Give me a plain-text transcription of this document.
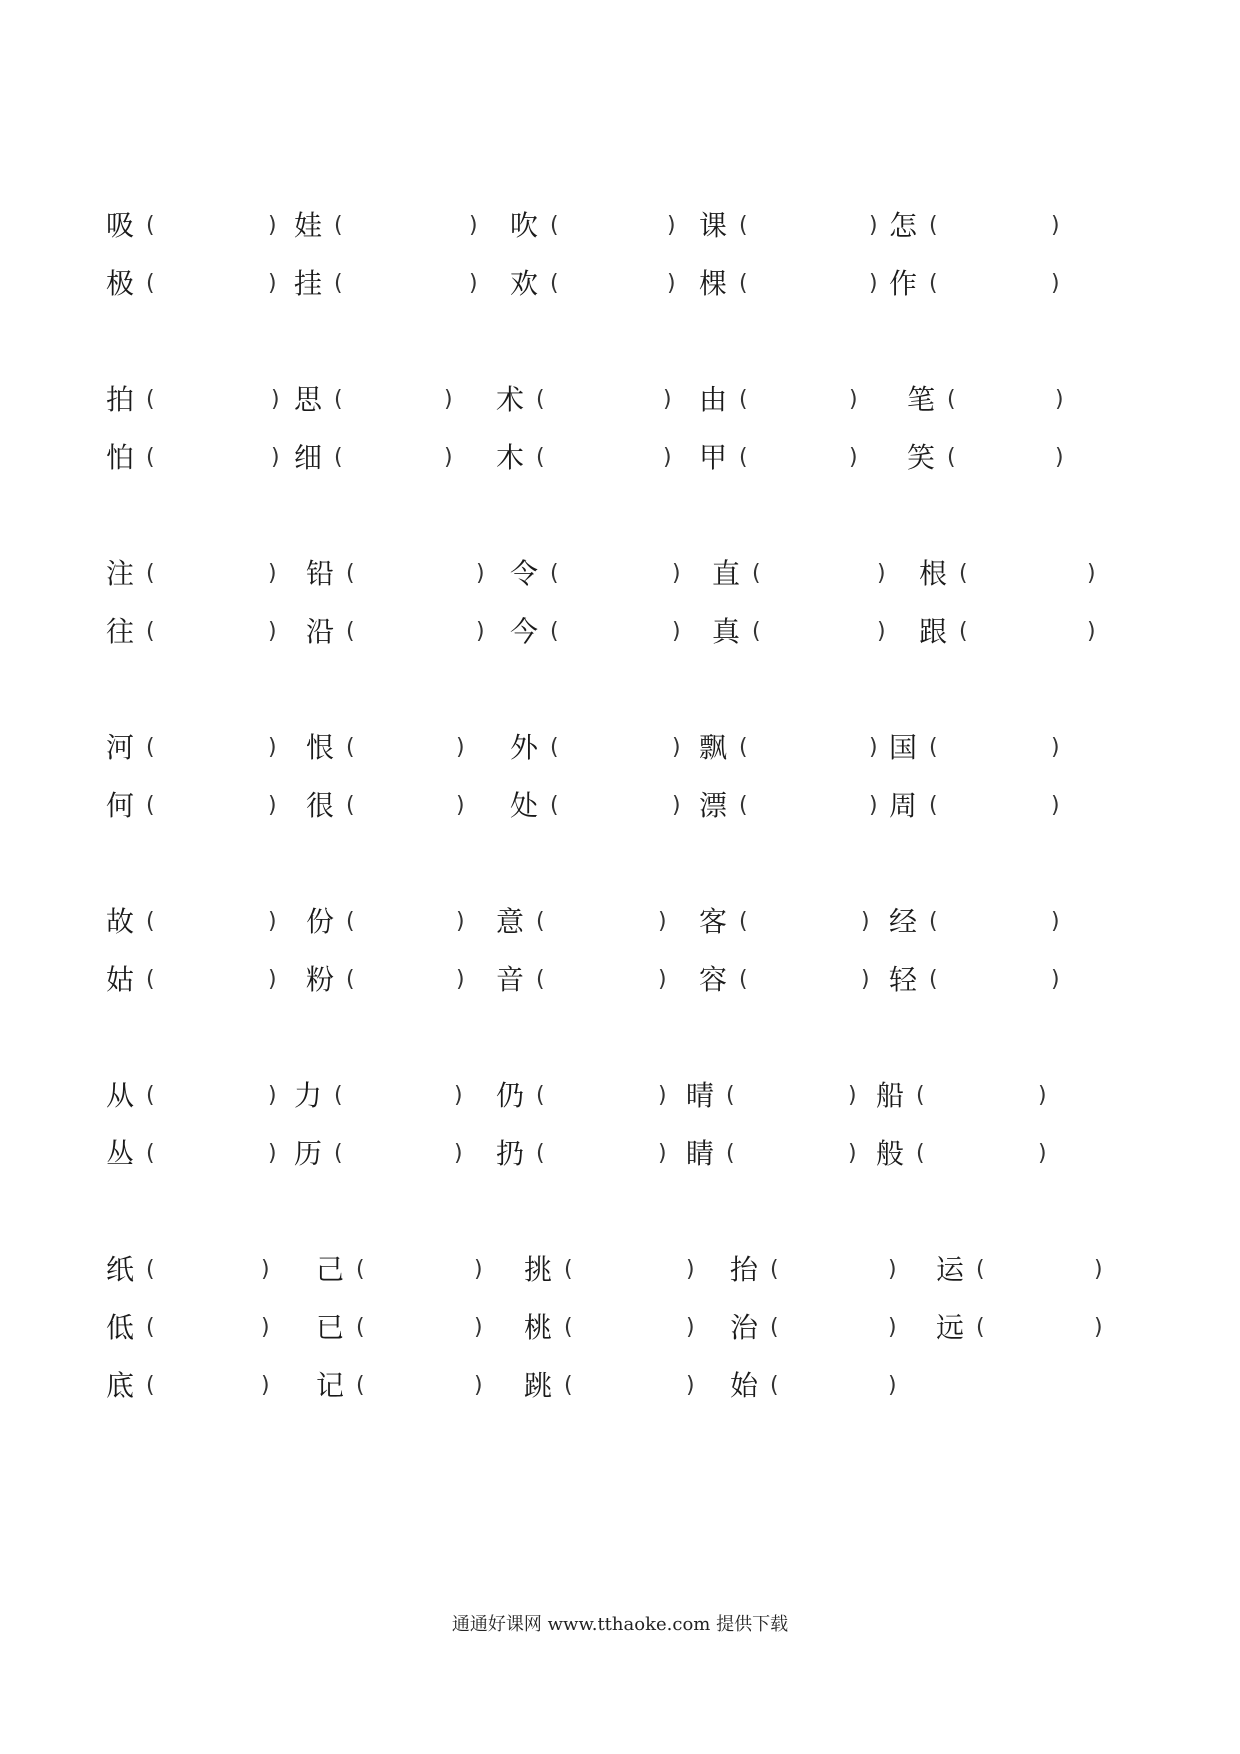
吸 (	) 娃 (	) 吹 (	) 课 (	) 怎 (	)
极 (	) 挂 (	) 欢 (	) 棵 (	) 作 (	)
拍 (	) 思 (	) 术 (	) 由 (	) 笔 (	)
怕 (	) 细 (	) 木 (	) 甲 (	) 笑 (	)
注 (	) 铅 (	) 令 (	) 直 (	) 根 (	)
往 (	) 沿 (	) 今 (	) 真 (	) 跟 (	)
河 (	) 恨 (	) 外 (	) 飘 (	) 国 (	)
何 (	) 很 (	) 处 (	) 漂 (	) 周 (	)
故 (	) 份 (	) 意 (	) 客 (	) 经 (	)
姑 (	) 粉 (	) 音 (	) 容 (	) 轻 (	)
从 (	) 力 (	) 仍 (	) 晴 (	) 船 (	)
丛 (	) 历 (	) 扔 (	) 睛 (	) 般 (	)
纸 (	) 己 (	) 挑 (	) 抬 (	) 运 (	)
低 (	) 已 (	) 桃 (	) 治 (	) 远 (	)
底 (	) 记 (	) 跳 (	) 始 (	)
通通好课网 www.tthaoke.com 提供下载
